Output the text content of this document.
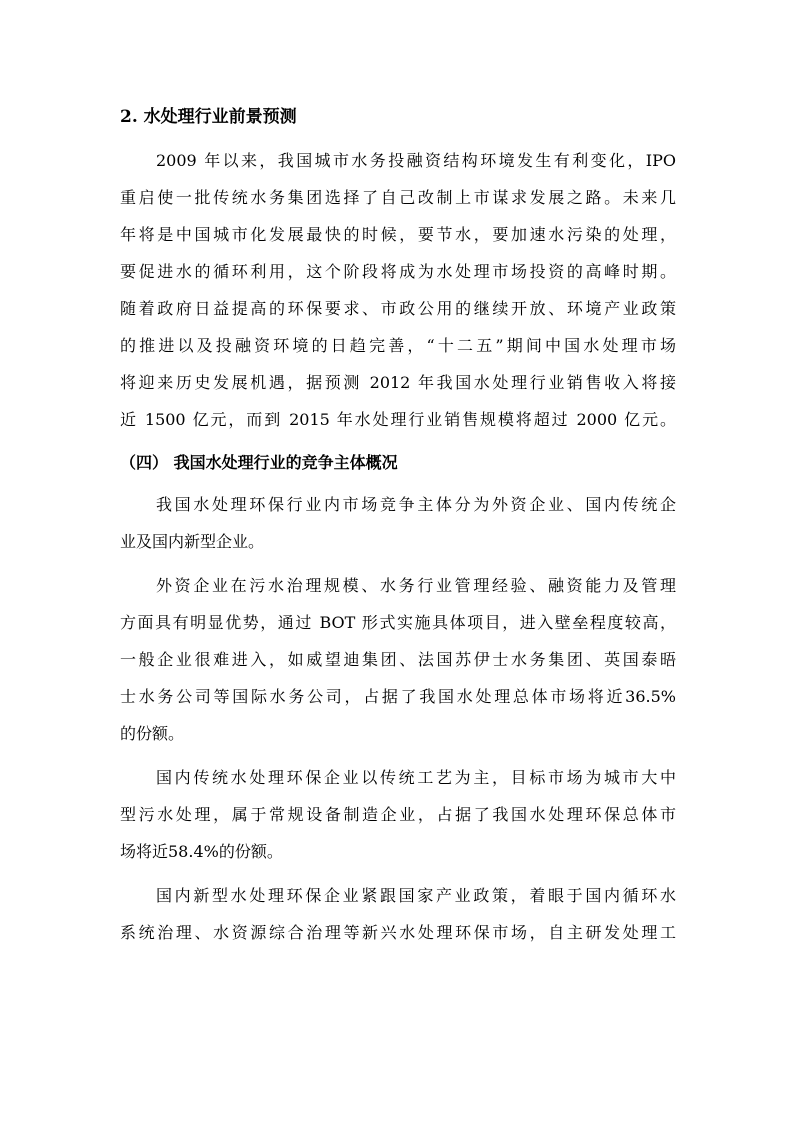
2. 水处理行业前景预测

2009 年以来，我国城市水务投融资结构环境发生有利变化，IPO

重启使一批传统水务集团选择了自己改制上市谋求发展之路。未来几

年将是中国城市化发展最快的时候，要节水，要加速水污染的处理，

要促进水的循环利用，这个阶段将成为水处理市场投资的高峰时期。

随着政府日益提高的环保要求、市政公用的继续开放、环境产业政策

的推进以及投融资环境的日趋完善，“十二五”期间中国水处理市场

将迎来历史发展机遇，据预测 2012 年我国水处理行业销售收入将接

近 1500 亿元，而到 2015 年水处理行业销售规模将超过 2000 亿元。

（四） 我国水处理行业的竞争主体概况

我国水处理环保行业内市场竞争主体分为外资企业、国内传统企

业及国内新型企业。

外资企业在污水治理规模、水务行业管理经验、融资能力及管理

方面具有明显优势，通过 BOT 形式实施具体项目，进入壁垒程度较高，

一般企业很难进入，如威望迪集团、法国苏伊士水务集团、英国泰晤

士水务公司等国际水务公司，占据了我国水处理总体市场将近36.5%

的份额。

国内传统水处理环保企业以传统工艺为主，目标市场为城市大中

型污水处理，属于常规设备制造企业，占据了我国水处理环保总体市

场将近58.4%的份额。

国内新型水处理环保企业紧跟国家产业政策，着眼于国内循环水

系统治理、水资源综合治理等新兴水处理环保市场，自主研发处理工
